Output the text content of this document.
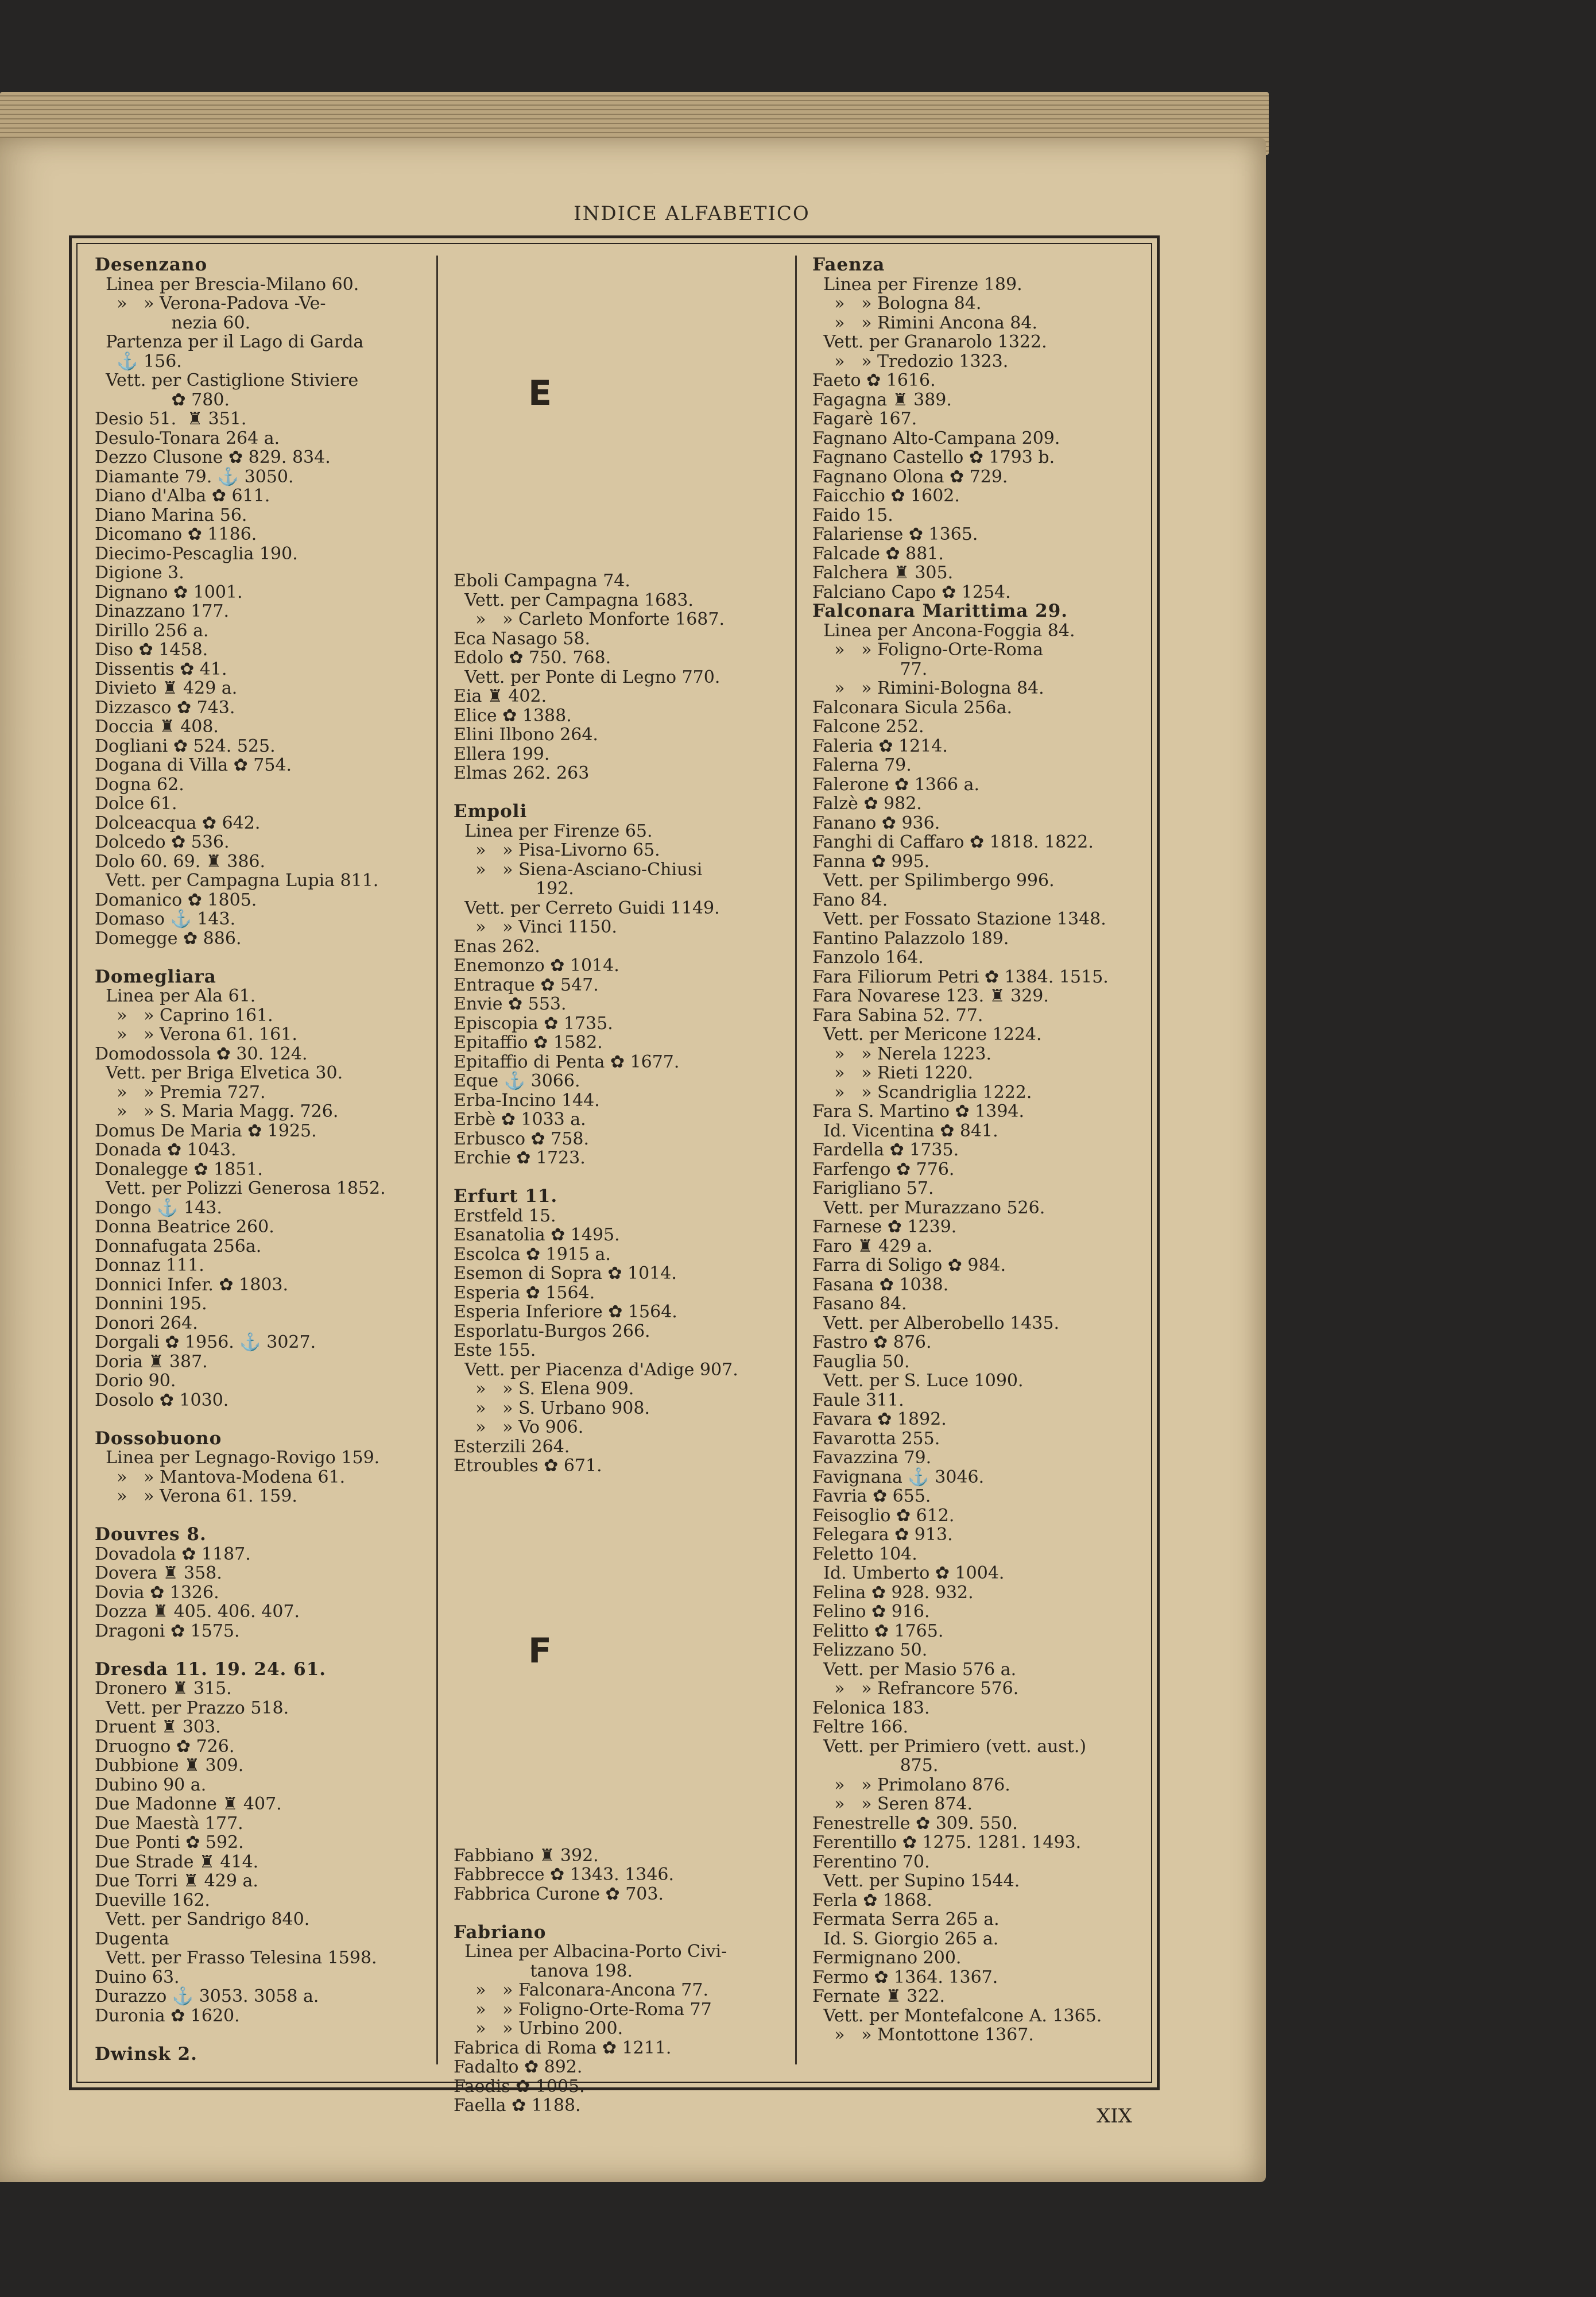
INDICE ALFABETICO
Desenzano
Linea per Brescia-Milano 60.
»   » Verona-Padova -Ve-
nezia 60.
Partenza per il Lago di Garda
⚓ 156.
Vett. per Castiglione Stiviere
✿ 780.
Desio 51.  ♜ 351.
Desulo-Tonara 264 a.
Dezzo Clusone ✿ 829. 834.
Diamante 79. ⚓ 3050.
Diano d'Alba ✿ 611.
Diano Marina 56.
Dicomano ✿ 1186.
Diecimo-Pescaglia 190.
Digione 3.
Dignano ✿ 1001.
Dinazzano 177.
Dirillo 256 a.
Diso ✿ 1458.
Dissentis ✿ 41.
Divieto ♜ 429 a.
Dizzasco ✿ 743.
Doccia ♜ 408.
Dogliani ✿ 524. 525.
Dogana di Villa ✿ 754.
Dogna 62.
Dolce 61.
Dolceacqua ✿ 642.
Dolcedo ✿ 536.
Dolo 60. 69. ♜ 386.
Vett. per Campagna Lupia 811.
Domanico ✿ 1805.
Domaso ⚓ 143.
Domegge ✿ 886.

Domegliara
Linea per Ala 61.
»   » Caprino 161.
»   » Verona 61. 161.
Domodossola ✿ 30. 124.
Vett. per Briga Elvetica 30.
»   » Premia 727.
»   » S. Maria Magg. 726.
Domus De Maria ✿ 1925.
Donada ✿ 1043.
Donalegge ✿ 1851.
Vett. per Polizzi Generosa 1852.
Dongo ⚓ 143.
Donna Beatrice 260.
Donnafugata 256a.
Donnaz 111.
Donnici Infer. ✿ 1803.
Donnini 195.
Donori 264.
Dorgali ✿ 1956. ⚓ 3027.
Doria ♜ 387.
Dorio 90.
Dosolo ✿ 1030.

Dossobuono
Linea per Legnago-Rovigo 159.
»   » Mantova-Modena 61.
»   » Verona 61. 159.

Douvres 8.
Dovadola ✿ 1187.
Dovera ♜ 358.
Dovia ✿ 1326.
Dozza ♜ 405. 406. 407.
Dragoni ✿ 1575.

Dresda 11. 19. 24. 61.
Dronero ♜ 315.
Vett. per Prazzo 518.
Druent ♜ 303.
Druogno ✿ 726.
Dubbione ♜ 309.
Dubino 90 a.
Due Madonne ♜ 407.
Due Maestà 177.
Due Ponti ✿ 592.
Due Strade ♜ 414.
Due Torri ♜ 429 a.
Dueville 162.
Vett. per Sandrigo 840.
Dugenta
Vett. per Frasso Telesina 1598.
Duino 63.
Durazzo ⚓ 3053. 3058 a.
Duronia ✿ 1620.

Dwinsk 2.
Eboli Campagna 74.
Vett. per Campagna 1683.
»   » Carleto Monforte 1687.
Eca Nasago 58.
Edolo ✿ 750. 768.
Vett. per Ponte di Legno 770.
Eia ♜ 402.
Elice ✿ 1388.
Elini Ilbono 264.
Ellera 199.
Elmas 262. 263

Empoli
Linea per Firenze 65.
»   » Pisa-Livorno 65.
»   » Siena-Asciano-Chiusi
192.
Vett. per Cerreto Guidi 1149.
»   » Vinci 1150.
Enas 262.
Enemonzo ✿ 1014.
Entraque ✿ 547.
Envie ✿ 553.
Episcopia ✿ 1735.
Epitaffio ✿ 1582.
Epitaffio di Penta ✿ 1677.
Eque ⚓ 3066.
Erba-Incino 144.
Erbè ✿ 1033 a.
Erbusco ✿ 758.
Erchie ✿ 1723.

Erfurt 11.
Erstfeld 15.
Esanatolia ✿ 1495.
Escolca ✿ 1915 a.
Esemon di Sopra ✿ 1014.
Esperia ✿ 1564.
Esperia Inferiore ✿ 1564.
Esporlatu-Burgos 266.
Este 155.
Vett. per Piacenza d'Adige 907.
»   » S. Elena 909.
»   » S. Urbano 908.
»   » Vo 906.
Esterzili 264.
Etroubles ✿ 671.
Fabbiano ♜ 392.
Fabbrecce ✿ 1343. 1346.
Fabbrica Curone ✿ 703.

Fabriano
Linea per Albacina-Porto Civi-
tanova 198.
»   » Falconara-Ancona 77.
»   » Foligno-Orte-Roma 77
»   » Urbino 200.
Fabrica di Roma ✿ 1211.
Fadalto ✿ 892.
Faedis ✿ 1005.
Faella ✿ 1188.
Faenza
Linea per Firenze 189.
»   » Bologna 84.
»   » Rimini Ancona 84.
Vett. per Granarolo 1322.
»   » Tredozio 1323.
Faeto ✿ 1616.
Fagagna ♜ 389.
Fagarè 167.
Fagnano Alto-Campana 209.
Fagnano Castello ✿ 1793 b.
Fagnano Olona ✿ 729.
Faicchio ✿ 1602.
Faido 15.
Falariense ✿ 1365.
Falcade ✿ 881.
Falchera ♜ 305.
Falciano Capo ✿ 1254.
Falconara Marittima 29.
Linea per Ancona-Foggia 84.
»   » Foligno-Orte-Roma
77.
»   » Rimini-Bologna 84.
Falconara Sicula 256a.
Falcone 252.
Faleria ✿ 1214.
Falerna 79.
Falerone ✿ 1366 a.
Falzè ✿ 982.
Fanano ✿ 936.
Fanghi di Caffaro ✿ 1818. 1822.
Fanna ✿ 995.
Vett. per Spilimbergo 996.
Fano 84.
Vett. per Fossato Stazione 1348.
Fantino Palazzolo 189.
Fanzolo 164.
Fara Filiorum Petri ✿ 1384. 1515.
Fara Novarese 123. ♜ 329.
Fara Sabina 52. 77.
Vett. per Mericone 1224.
»   » Nerela 1223.
»   » Rieti 1220.
»   » Scandriglia 1222.
Fara S. Martino ✿ 1394.
Id. Vicentina ✿ 841.
Fardella ✿ 1735.
Farfengo ✿ 776.
Farigliano 57.
Vett. per Murazzano 526.
Farnese ✿ 1239.
Faro ♜ 429 a.
Farra di Soligo ✿ 984.
Fasana ✿ 1038.
Fasano 84.
Vett. per Alberobello 1435.
Fastro ✿ 876.
Fauglia 50.
Vett. per S. Luce 1090.
Faule 311.
Favara ✿ 1892.
Favarotta 255.
Favazzina 79.
Favignana ⚓ 3046.
Favria ✿ 655.
Feisoglio ✿ 612.
Felegara ✿ 913.
Feletto 104.
Id. Umberto ✿ 1004.
Felina ✿ 928. 932.
Felino ✿ 916.
Felitto ✿ 1765.
Felizzano 50.
Vett. per Masio 576 a.
»   » Refrancore 576.
Felonica 183.
Feltre 166.
Vett. per Primiero (vett. aust.)
875.
»   » Primolano 876.
»   » Seren 874.
Fenestrelle ✿ 309. 550.
Ferentillo ✿ 1275. 1281. 1493.
Ferentino 70.
Vett. per Supino 1544.
Ferla ✿ 1868.
Fermata Serra 265 a.
Id. S. Giorgio 265 a.
Fermignano 200.
Fermo ✿ 1364. 1367.
Fernate ♜ 322.
Vett. per Montefalcone A. 1365.
»   » Montottone 1367.
E
F
XIX
